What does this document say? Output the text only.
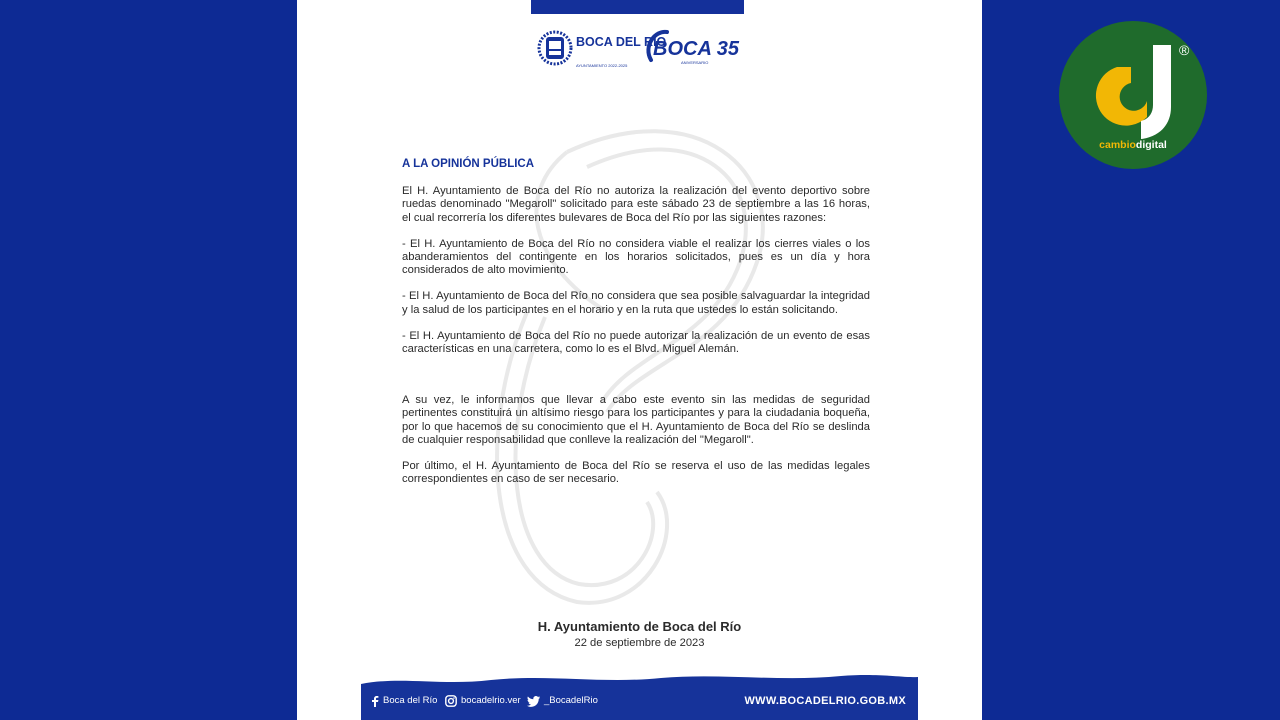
BOCA DEL RÍO
AYUNTAMIENTO 2022-2025
BOCA 35
ANIVERSARIO
A LA OPINIÓN PÚBLICA

El H. Ayuntamiento de Boca del Río no autoriza la realización del evento deportivo sobre ruedas denominado "Megaroll" solicitado para este sábado 23 de septiembre a las 16 horas, el cual recorrería los diferentes bulevares de Boca del Río por las siguientes razones:

- El H. Ayuntamiento de Boca del Río no considera viable el realizar los cierres viales o los abanderamientos del contingente en los horarios solicitados, pues es un día y hora considerados de alto movimiento.

- El H. Ayuntamiento de Boca del Río no considera que sea posible salvaguardar la integridad y la salud de los participantes en el horario y en la ruta que ustedes lo están solicitando.

- El H. Ayuntamiento de Boca del Río no puede autorizar la realización de un evento de esas características en una carretera, como lo es el Blvd. Miguel Alemán.

A su vez, le informamos que llevar a cabo este evento sin las medidas de seguridad pertinentes constituirá un altísimo riesgo para los participantes y para la ciudadania boqueña, por lo que hacemos de su conocimiento que el H. Ayuntamiento de Boca del Río se deslinda de cualquier responsabilidad que conlleve la realización del "Megaroll".

Por último, el H. Ayuntamiento de Boca del Río se reserva el uso de las medidas legales correspondientes en caso de ser necesario.

H. Ayuntamiento de Boca del Río
22 de septiembre de 2023
Boca del Río bocadelrio.ver _BocadelRio	WWW.BOCADELRIO.GOB.MX
®
cambiodigital
